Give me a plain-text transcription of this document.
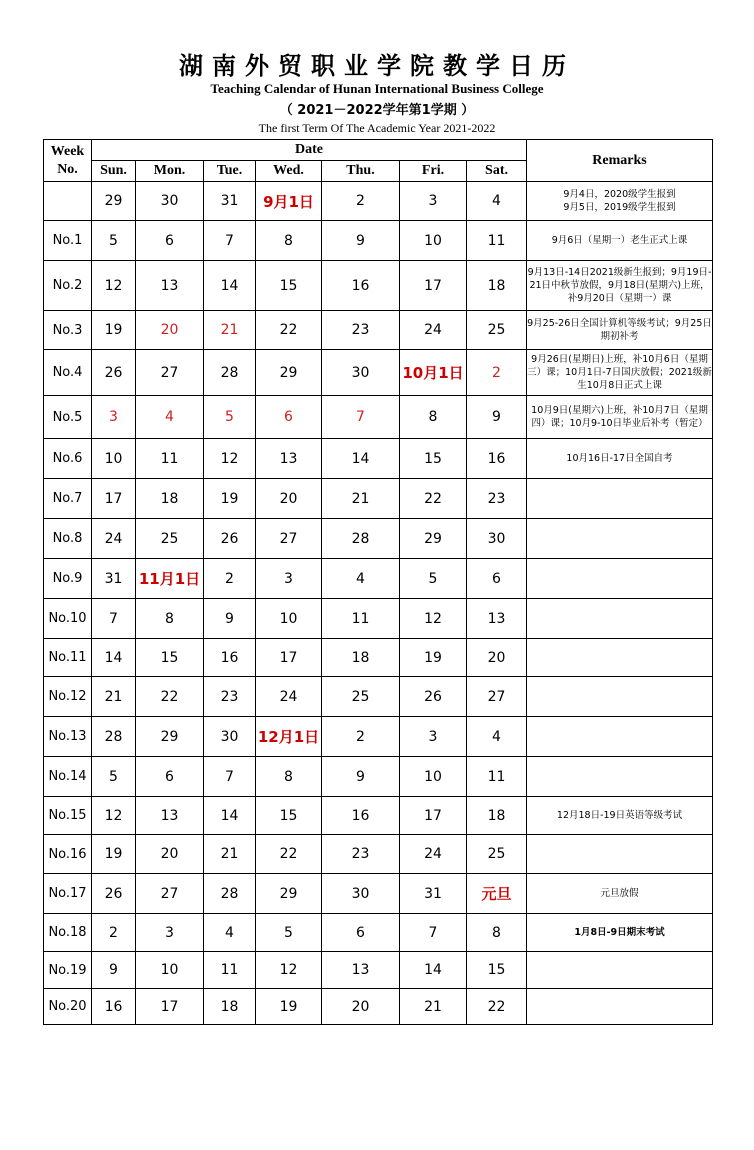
湖南外贸职业学院教学日历
Teaching Calendar of Hunan International Business College
（ 2021－2022学年第1学期 ）
The first Term Of The Academic Year 2021-2022
Week
No.	Date							Remarks
	Sun.	Mon.	Tue.	Wed.	Thu.	Fri.	Sat.	
	29	30	31	9月1日	2	3	4	9月4日，2020级学生报到
9月5日，2019级学生报到
No.1	5	6	7	8	9	10	11	9月6日（星期一）老生正式上课
No.2	12	13	14	15	16	17	18	9月13日-14日2021级新生报到；9月19日-21日中秋节放假，9月18日(星期六)上班，补9月20日（星期一）课
No.3	19	20	21	22	23	24	25	9月25-26日全国计算机等级考试；9月25日期初补考
No.4	26	27	28	29	30	10月1日	2	9月26日(星期日)上班，补10月6日（星期三）课；10月1日-7日国庆放假；2021级新生10月8日正式上课
No.5	3	4	5	6	7	8	9	10月9日(星期六)上班，补10月7日（星期四）课；10月9-10日毕业后补考（暂定）
No.6	10	11	12	13	14	15	16	10月16日-17日全国自考
No.7	17	18	19	20	21	22	23	
No.8	24	25	26	27	28	29	30	
No.9	31	11月1日	2	3	4	5	6	
No.10	7	8	9	10	11	12	13	
No.11	14	15	16	17	18	19	20	
No.12	21	22	23	24	25	26	27	
No.13	28	29	30	12月1日	2	3	4	
No.14	5	6	7	8	9	10	11	
No.15	12	13	14	15	16	17	18	12月18日-19日英语等级考试
No.16	19	20	21	22	23	24	25	
No.17	26	27	28	29	30	31	元旦	元旦放假
No.18	2	3	4	5	6	7	8	1月8日-9日期末考试
No.19	9	10	11	12	13	14	15	
No.20	16	17	18	19	20	21	22	
